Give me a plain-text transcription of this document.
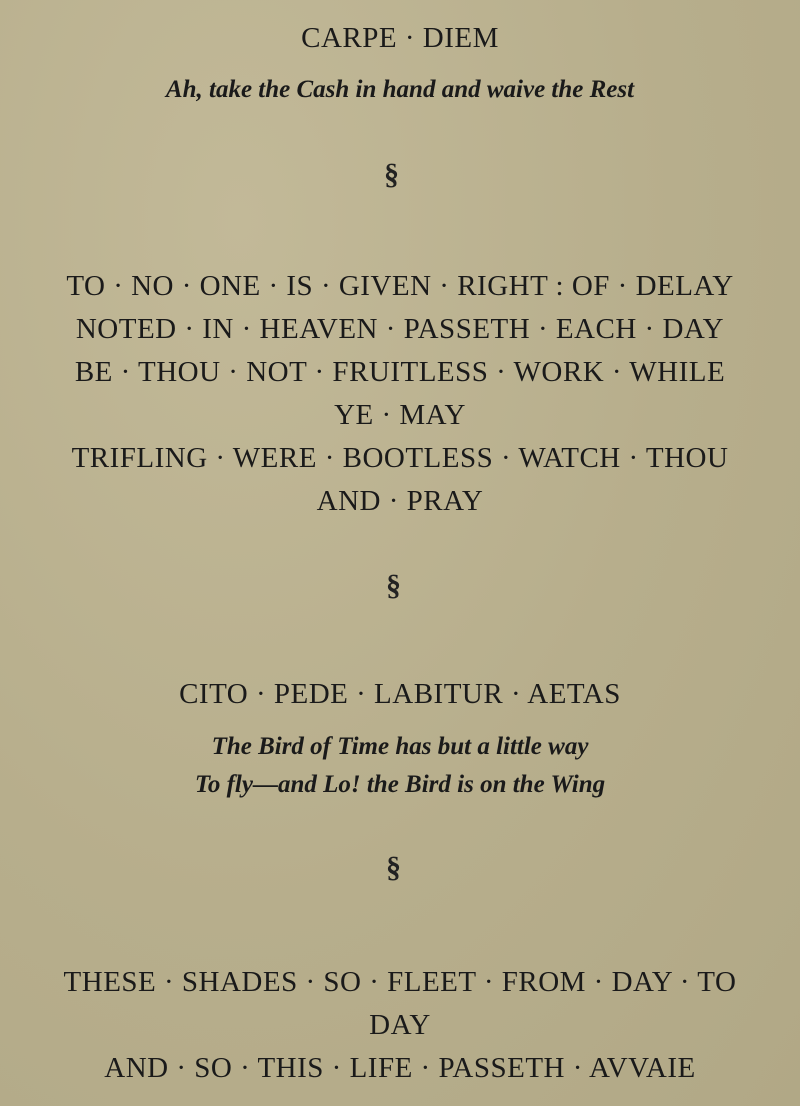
CARPE · DIEM
Ah, take the Cash in hand and waive the Rest
§
TO · NO · ONE · IS · GIVEN · RIGHT : OF · DELAY
NOTED · IN · HEAVEN · PASSETH · EACH · DAY
BE · THOU · NOT · FRUITLESS · WORK · WHILE
YE · MAY
TRIFLING · WERE · BOOTLESS · WATCH · THOU
AND · PRAY
§
CITO · PEDE · LABITUR · AETAS
The Bird of Time has but a little way
To fly—and Lo! the Bird is on the Wing
§
THESE · SHADES · SO · FLEET · FROM · DAY · TO
DAY
AND · SO · THIS · LIFE · PASSETH · AVVAIE
